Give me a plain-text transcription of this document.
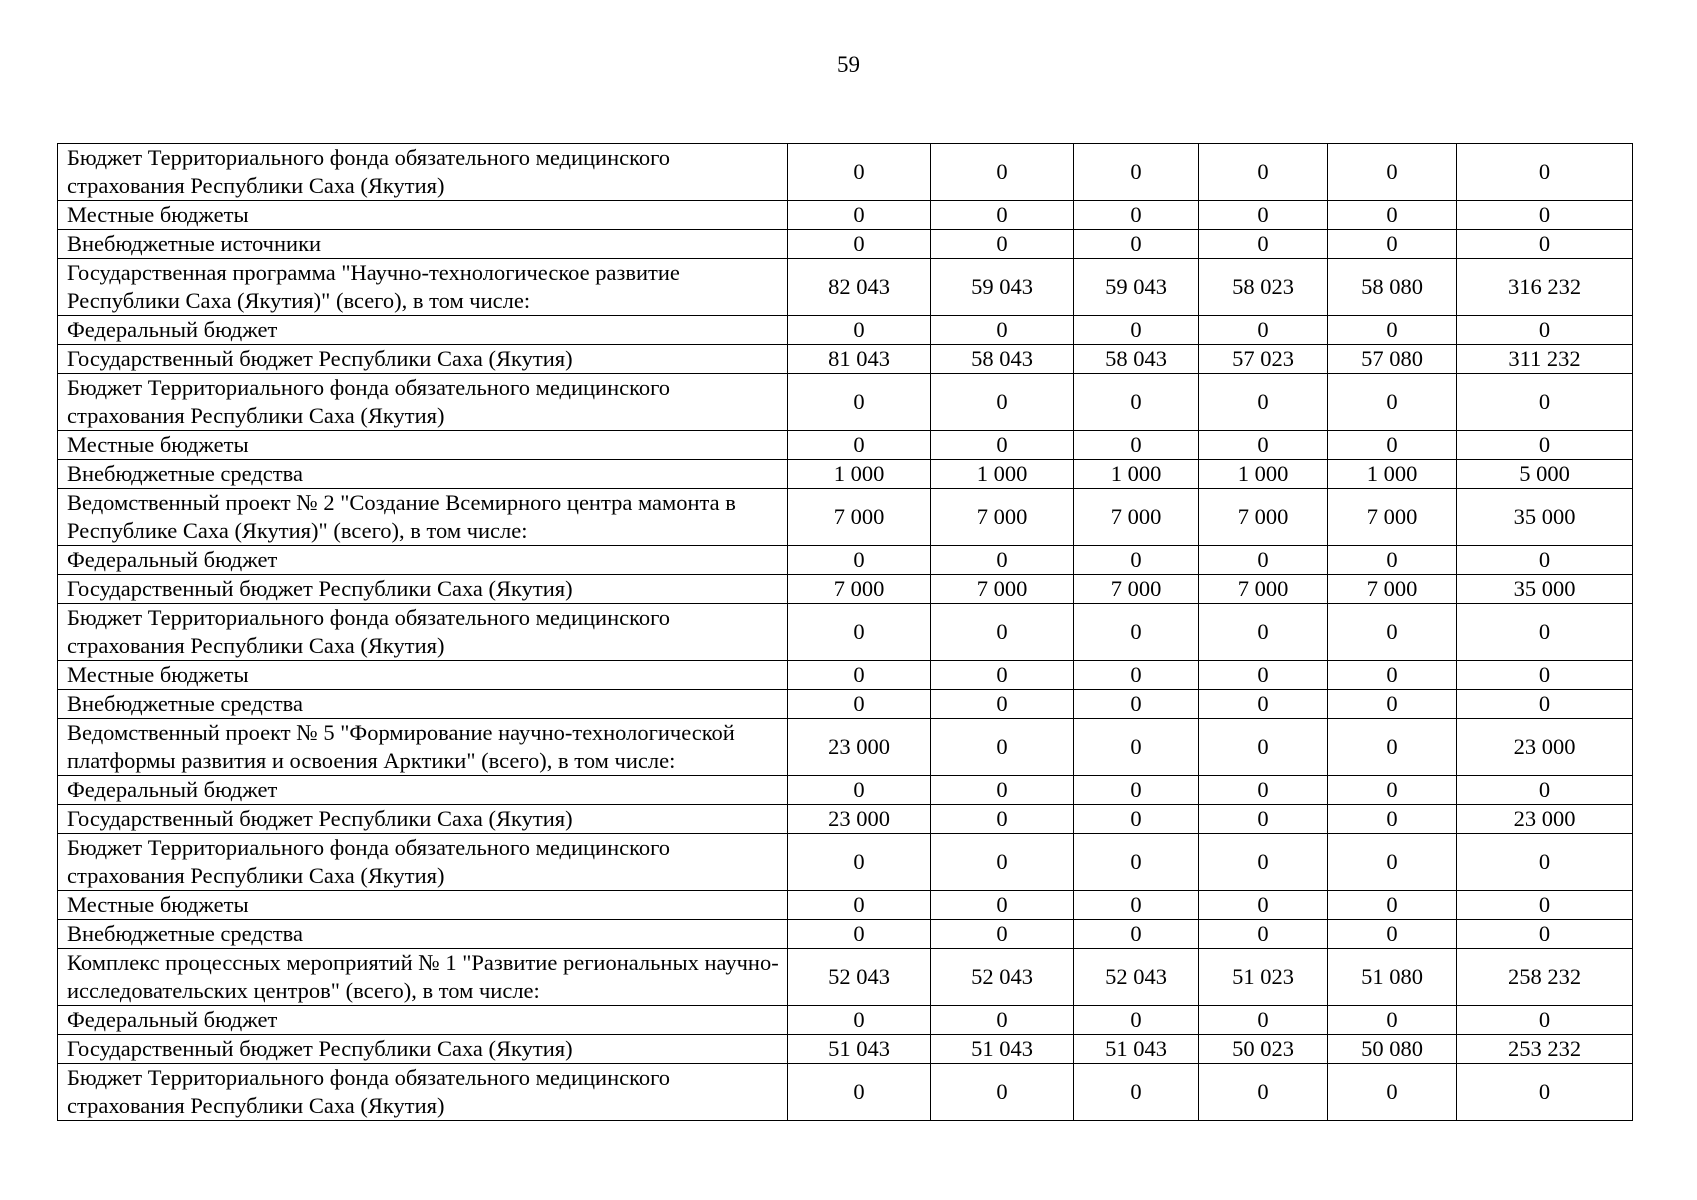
59
Бюджет Территориального фонда обязательного медицинского страхования Республики Саха (Якутия)	0	0	0	0	0	0
Местные бюджеты	0	0	0	0	0	0
Внебюджетные источники	0	0	0	0	0	0
Государственная программа "Научно-технологическое развитие Республики Саха (Якутия)" (всего), в том числе:	82 043	59 043	59 043	58 023	58 080	316 232
Федеральный бюджет	0	0	0	0	0	0
Государственный бюджет Республики Саха (Якутия)	81 043	58 043	58 043	57 023	57 080	311 232
Бюджет Территориального фонда обязательного медицинского страхования Республики Саха (Якутия)	0	0	0	0	0	0
Местные бюджеты	0	0	0	0	0	0
Внебюджетные средства	1 000	1 000	1 000	1 000	1 000	5 000
Ведомственный проект № 2 "Создание Всемирного центра мамонта в Республике Саха (Якутия)" (всего), в том числе:	7 000	7 000	7 000	7 000	7 000	35 000
Федеральный бюджет	0	0	0	0	0	0
Государственный бюджет Республики Саха (Якутия)	7 000	7 000	7 000	7 000	7 000	35 000
Бюджет Территориального фонда обязательного медицинского страхования Республики Саха (Якутия)	0	0	0	0	0	0
Местные бюджеты	0	0	0	0	0	0
Внебюджетные средства	0	0	0	0	0	0
Ведомственный проект № 5 "Формирование научно-технологической платформы развития и освоения Арктики" (всего), в том числе:	23 000	0	0	0	0	23 000
Федеральный бюджет	0	0	0	0	0	0
Государственный бюджет Республики Саха (Якутия)	23 000	0	0	0	0	23 000
Бюджет Территориального фонда обязательного медицинского страхования Республики Саха (Якутия)	0	0	0	0	0	0
Местные бюджеты	0	0	0	0	0	0
Внебюджетные средства	0	0	0	0	0	0
Комплекс процессных мероприятий № 1 "Развитие региональных научно-исследовательских центров" (всего), в том числе:	52 043	52 043	52 043	51 023	51 080	258 232
Федеральный бюджет	0	0	0	0	0	0
Государственный бюджет Республики Саха (Якутия)	51 043	51 043	51 043	50 023	50 080	253 232
Бюджет Территориального фонда обязательного медицинского страхования Республики Саха (Якутия)	0	0	0	0	0	0
